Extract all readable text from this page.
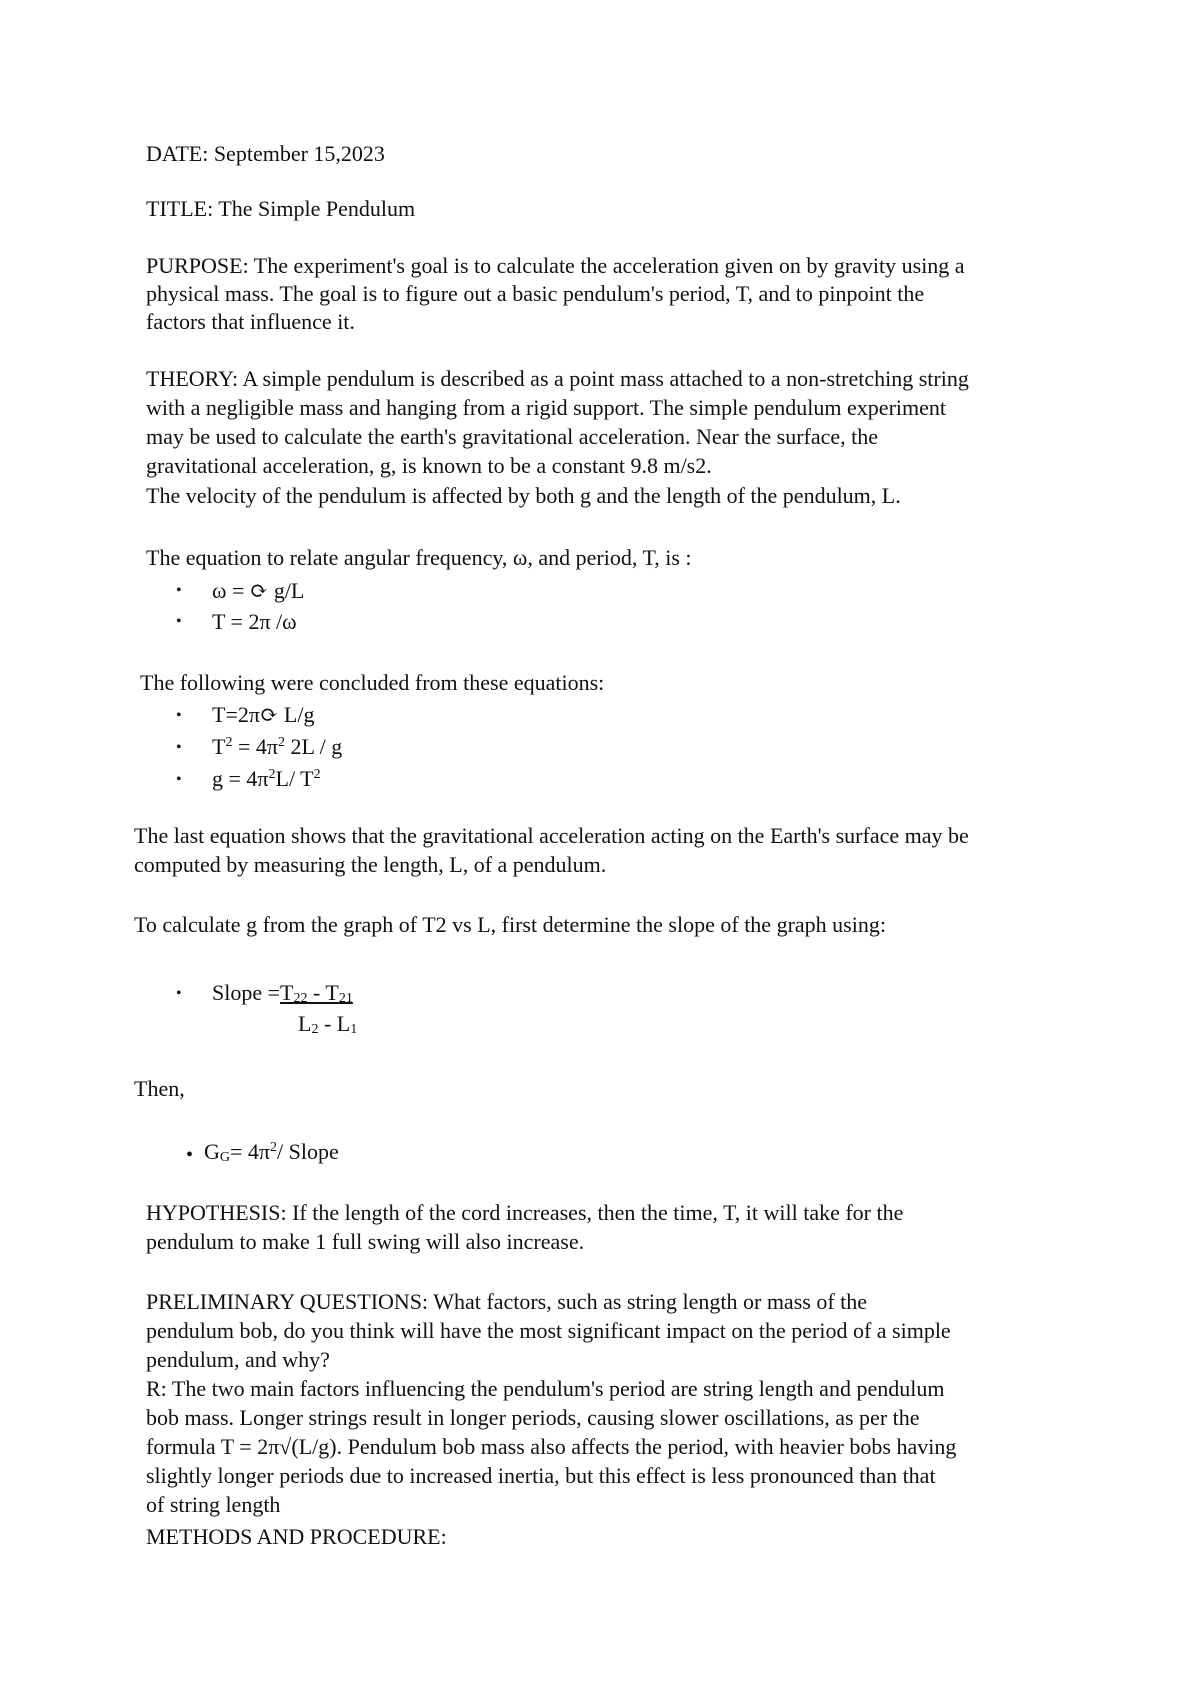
DATE: September 15,2023
TITLE: The Simple Pendulum
PURPOSE: The experiment's goal is to calculate the acceleration given on by gravity using a
physical mass. The goal is to figure out a basic pendulum's period, T, and to pinpoint the
factors that influence it.
THEORY: A simple pendulum is described as a point mass attached to a non-stretching string
with a negligible mass and hanging from a rigid support. The simple pendulum experiment
may be used to calculate the earth's gravitational acceleration. Near the surface, the
gravitational acceleration, g, is known to be a constant 9.8 m/s2.
The velocity of the pendulum is affected by both g and the length of the pendulum, L.
The equation to relate angular frequency, ω, and period, T, is :
• ω = ⟳ g/L
• T = 2π /ω
The following were concluded from these equations:
• T=2π⟳ L/g
• $T^2 = 4\pi^2$ 2L / g
• $g = 4\pi^2L/$ $T^2$
The last equation shows that the gravitational acceleration acting on the Earth's surface may be
computed by measuring the length, L, of a pendulum.
To calculate g from the graph of T2 vs L, first determine the slope of the graph using:
• Slope $=T_{22} - T_{21}$
$L_2 - L_1$
Then,
• $G_G= 4\pi^2/$ Slope
HYPOTHESIS: If the length of the cord increases, then the time, T, it will take for the
pendulum to make 1 full swing will also increase.
PRELIMINARY QUESTIONS: What factors, such as string length or mass of the
pendulum bob, do you think will have the most significant impact on the period of a simple
pendulum, and why?
R: The two main factors influencing the pendulum's period are string length and pendulum
bob mass. Longer strings result in longer periods, causing slower oscillations, as per the
formula T = 2π√(L/g). Pendulum bob mass also affects the period, with heavier bobs having
slightly longer periods due to increased inertia, but this effect is less pronounced than that
of string length
METHODS AND PROCEDURE:
